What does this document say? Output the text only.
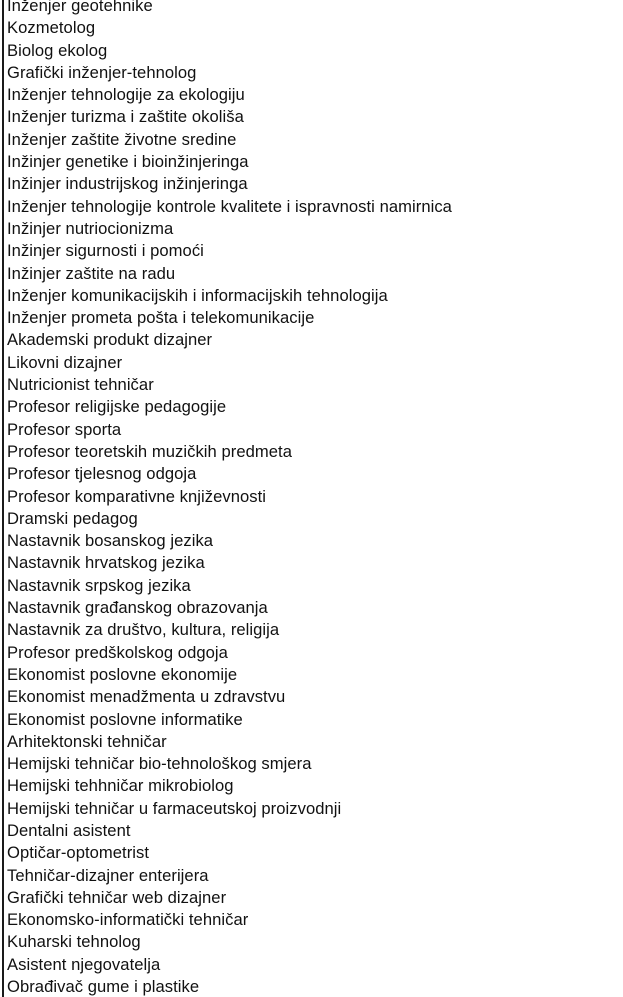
Inženjer geotehnike
Kozmetolog
Biolog ekolog
Grafički inženjer-tehnolog
Inženjer tehnologije za ekologiju
Inženjer turizma i zaštite okoliša
Inženjer zaštite životne sredine
Inžinjer genetike i bioinžinjeringa
Inžinjer industrijskog inžinjeringa
Inženjer tehnologije kontrole kvalitete i ispravnosti namirnica
Inžinjer nutriocionizma
Inžinjer sigurnosti i pomoći
Inžinjer zaštite na radu
Inženjer komunikacijskih i informacijskih tehnologija
Inženjer prometa pošta i telekomunikacije
Akademski produkt dizajner
Likovni dizajner
Nutricionist tehničar
Profesor religijske pedagogije
Profesor sporta
Profesor teoretskih muzičkih predmeta
Profesor tjelesnog odgoja
Profesor komparativne književnosti
Dramski pedagog
Nastavnik bosanskog jezika
Nastavnik hrvatskog jezika
Nastavnik srpskog jezika
Nastavnik građanskog obrazovanja
Nastavnik za društvo, kultura, religija
Profesor predškolskog odgoja
Ekonomist poslovne ekonomije
Ekonomist menadžmenta u zdravstvu
Ekonomist poslovne informatike
Arhitektonski tehničar
Hemijski tehničar bio-tehnološkog smjera
Hemijski tehhničar mikrobiolog
Hemijski tehničar u farmaceutskoj proizvodnji
Dentalni asistent
Optičar-optometrist
Tehničar-dizajner enterijera
Grafički tehničar web dizajner
Ekonomsko-informatički tehničar
Kuharski tehnolog
Asistent njegovatelja
Obrađivač gume i plastike
